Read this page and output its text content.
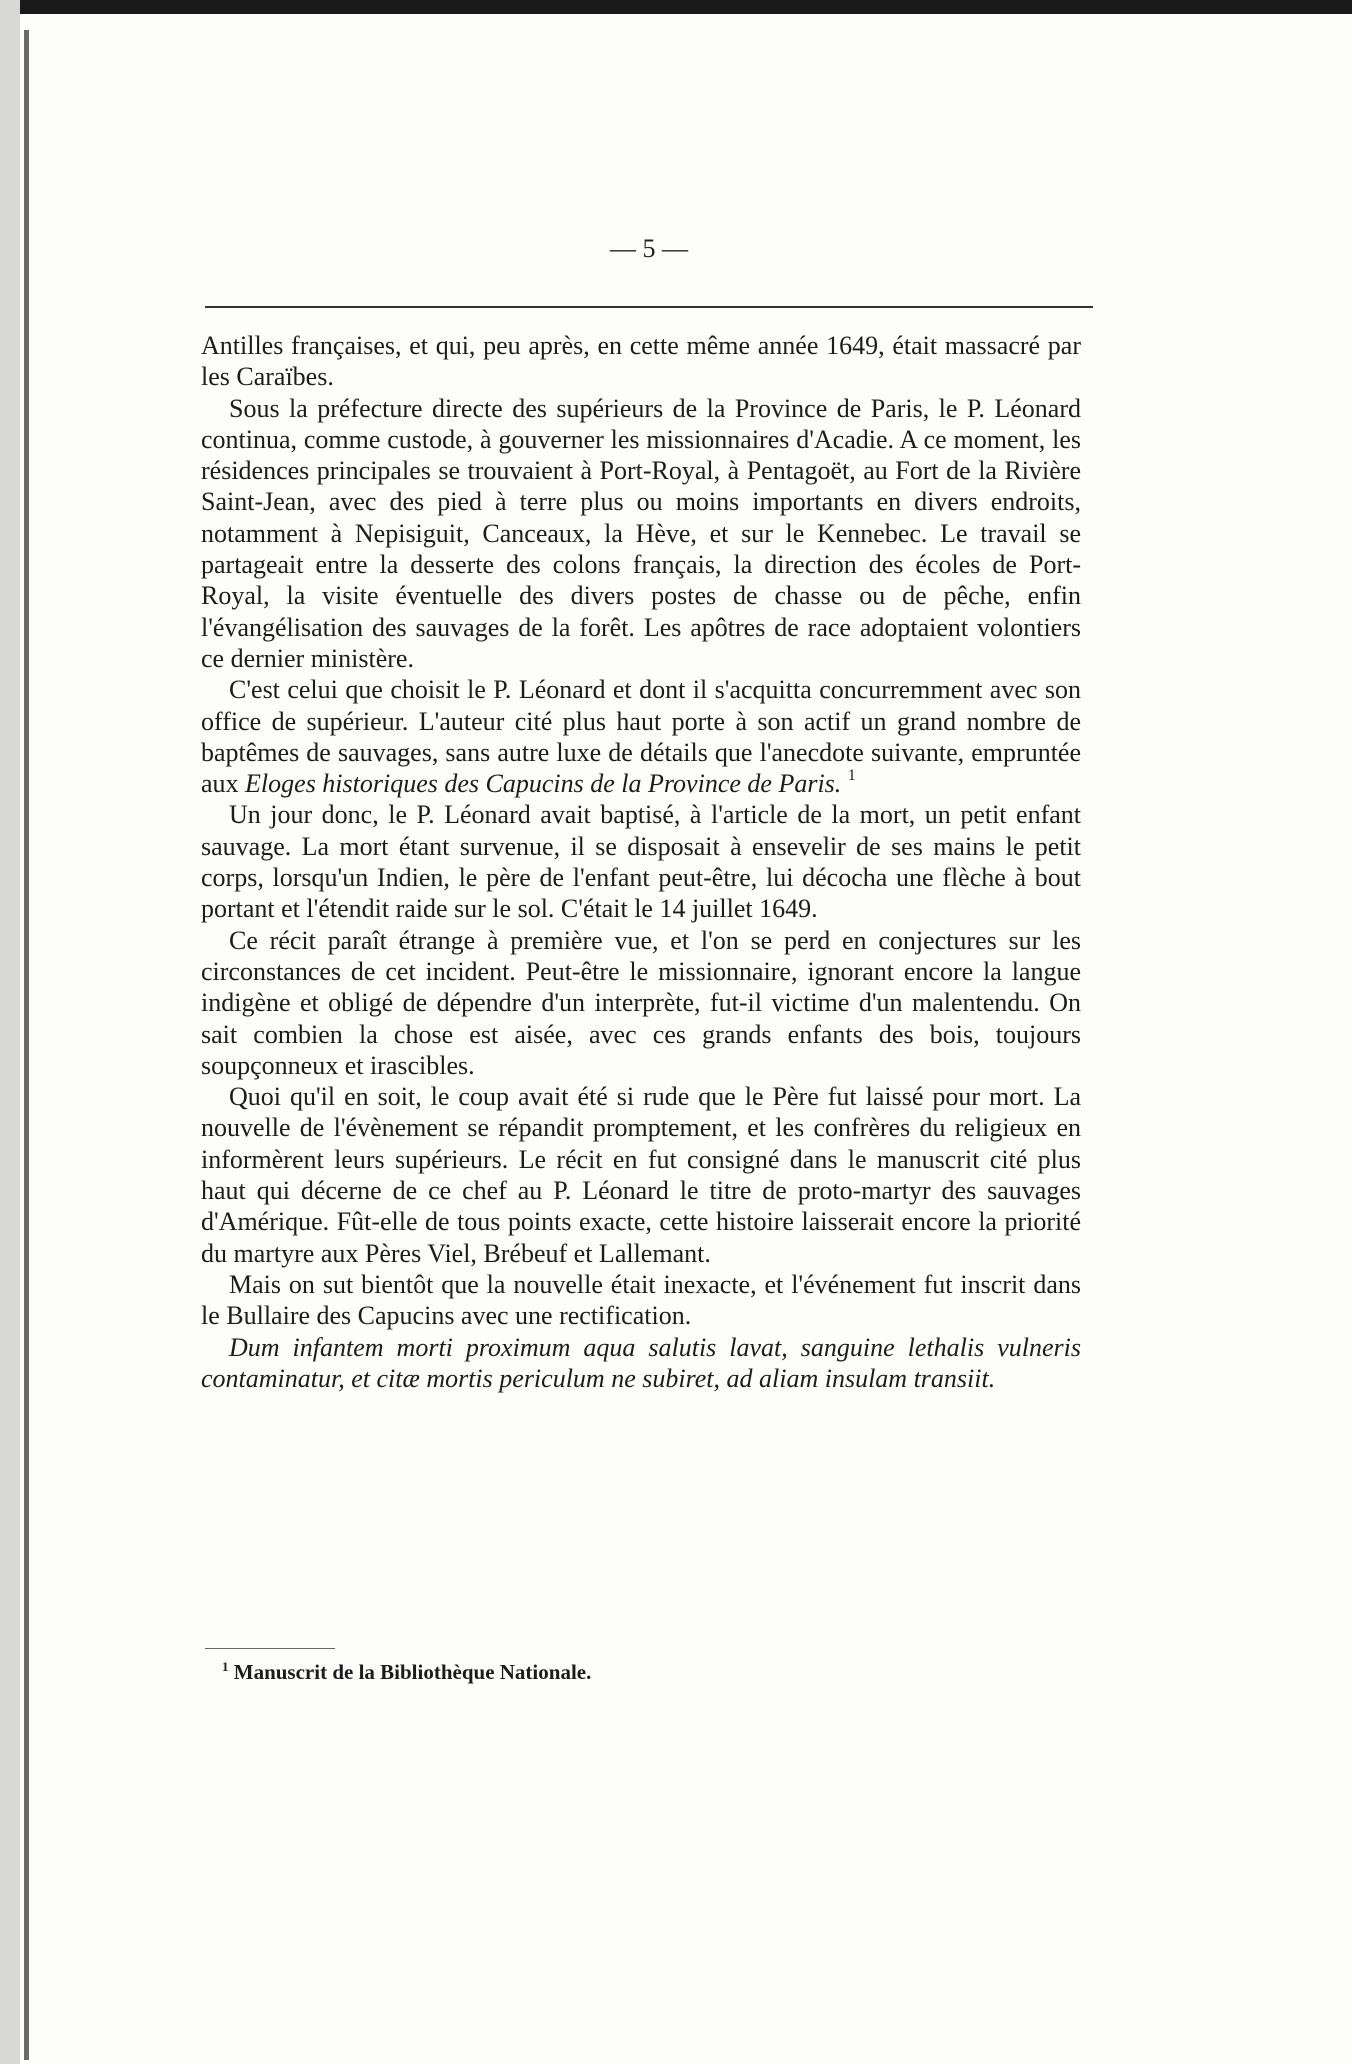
— 5 —

Antilles françaises, et qui, peu après, en cette même année 1649, était massacré par les Caraïbes.

Sous la préfecture directe des supérieurs de la Province de Paris, le P. Léonard continua, comme custode, à gouverner les missionnaires d'Acadie. A ce moment, les résidences principales se trouvaient à Port-Royal, à Pentagoët, au Fort de la Rivière Saint-Jean, avec des pied à terre plus ou moins importants en divers endroits, notamment à Nepisiguit, Canceaux, la Hève, et sur le Kennebec. Le travail se partageait entre la desserte des colons français, la direction des écoles de Port-Royal, la visite éventuelle des divers postes de chasse ou de pêche, enfin l'évangélisation des sauvages de la forêt. Les apôtres de race adoptaient volontiers ce dernier ministère.

C'est celui que choisit le P. Léonard et dont il s'acquitta concurremment avec son office de supérieur. L'auteur cité plus haut porte à son actif un grand nombre de baptêmes de sauvages, sans autre luxe de détails que l'anecdote suivante, empruntée aux Eloges historiques des Capucins de la Province de Paris. $^1$

Un jour donc, le P. Léonard avait baptisé, à l'article de la mort, un petit enfant sauvage. La mort étant survenue, il se disposait à ensevelir de ses mains le petit corps, lorsqu'un Indien, le père de l'enfant peut-être, lui décocha une flèche à bout portant et l'étendit raide sur le sol. C'était le 14 juillet 1649.

Ce récit paraît étrange à première vue, et l'on se perd en conjectures sur les circonstances de cet incident. Peut-être le missionnaire, ignorant encore la langue indigène et obligé de dépendre d'un interprète, fut-il victime d'un malentendu. On sait combien la chose est aisée, avec ces grands enfants des bois, toujours soupçonneux et irascibles.

Quoi qu'il en soit, le coup avait été si rude que le Père fut laissé pour mort. La nouvelle de l'évènement se répandit promptement, et les confrères du religieux en informèrent leurs supérieurs. Le récit en fut consigné dans le manuscrit cité plus haut qui décerne de ce chef au P. Léonard le titre de proto-martyr des sauvages d'Amérique. Fût-elle de tous points exacte, cette histoire laisserait encore la priorité du martyre aux Pères Viel, Brébeuf et Lallemant.

Mais on sut bientôt que la nouvelle était inexacte, et l'événement fut inscrit dans le Bullaire des Capucins avec une rectification.

Dum infantem morti proximum aqua salutis lavat, sanguine lethalis vulneris contaminatur, et citæ mortis periculum ne subiret, ad aliam insulam transiit.

$^1$ Manuscrit de la Bibliothèque Nationale.
